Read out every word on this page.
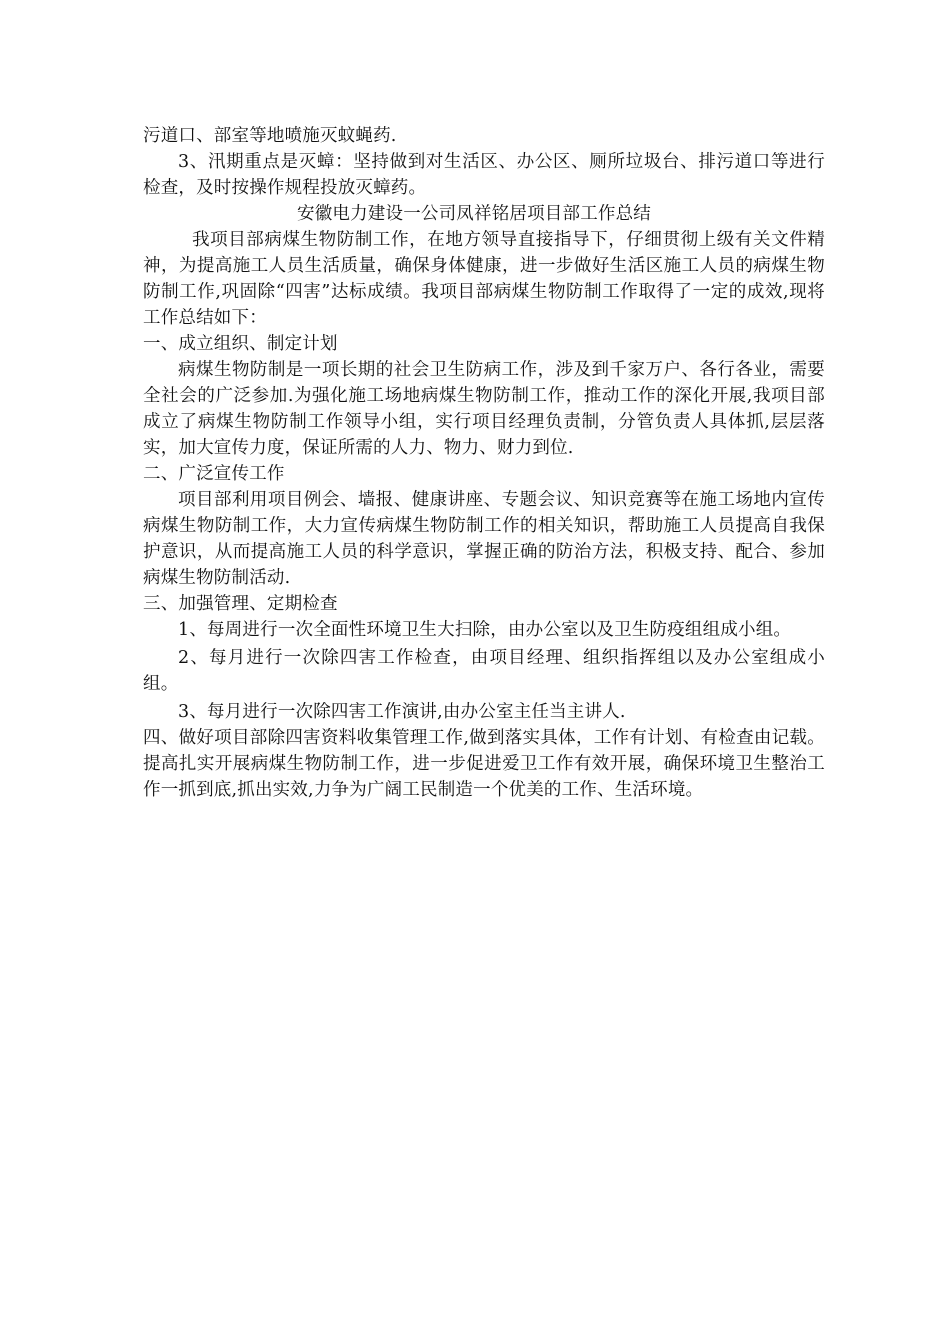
污道口、部室等地喷施灭蚊蝇药.

3、汛期重点是灭蟑：坚持做到对生活区、办公区、厕所垃圾台、排污道口等进行检查，及时按操作规程投放灭蟑药。

安徽电力建设一公司凤祥铭居项目部工作总结

我项目部病煤生物防制工作，在地方领导直接指导下，仔细贯彻上级有关文件精神，为提高施工人员生活质量，确保身体健康，进一步做好生活区施工人员的病煤生物防制工作,巩固除“四害”达标成绩。我项目部病煤生物防制工作取得了一定的成效,现将工作总结如下：

一、成立组织、制定计划

病煤生物防制是一项长期的社会卫生防病工作，涉及到千家万户、各行各业，需要全社会的广泛参加.为强化施工场地病煤生物防制工作，推动工作的深化开展,我项目部成立了病煤生物防制工作领导小组，实行项目经理负责制，分管负责人具体抓,层层落实，加大宣传力度，保证所需的人力、物力、财力到位.

二、广泛宣传工作

项目部利用项目例会、墙报、健康讲座、专题会议、知识竞赛等在施工场地内宣传病煤生物防制工作，大力宣传病煤生物防制工作的相关知识，帮助施工人员提高自我保护意识，从而提高施工人员的科学意识，掌握正确的防治方法，积极支持、配合、参加病煤生物防制活动.

三、加强管理、定期检查

1、每周进行一次全面性环境卫生大扫除，由办公室以及卫生防疫组组成小组。

2、每月进行一次除四害工作检查，由项目经理、组织指挥组以及办公室组成小组。

3、每月进行一次除四害工作演讲,由办公室主任当主讲人.

四、做好项目部除四害资料收集管理工作,做到落实具体，工作有计划、有检查由记载。提高扎实开展病煤生物防制工作，进一步促进爱卫工作有效开展，确保环境卫生整治工作一抓到底,抓出实效,力争为广阔工民制造一个优美的工作、生活环境。
